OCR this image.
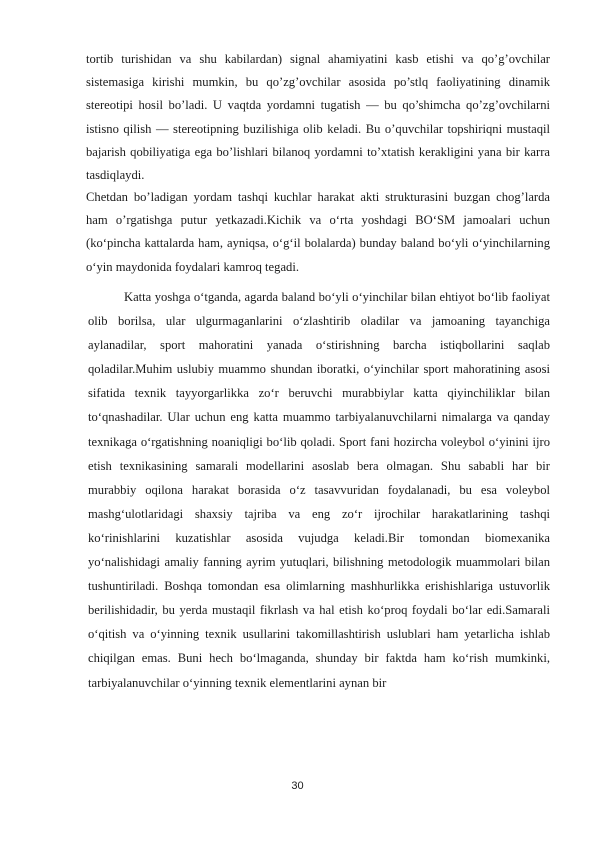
tortib turishidan va shu kabilardan) signal ahamiyatini kasb etishi va qo’g’ovchilar sistemasiga kirishi mumkin, bu qo’zg’ovchilar asosida po’stlq faoliyatining dinamik stereotipi hosil bo’ladi. U vaqtda yordamni tugatish — bu qo’shimcha qo’zg’ovchilarni istisno qilish — stereotipning buzilishiga olib keladi. Bu o’quvchilar topshiriqni mustaqil bajarish qobiliyatiga ega bo’lishlari bilanoq yordamni to’xtatish kerakligini yana bir karra tasdiqlaydi.

Chetdan bo’ladigan yordam tashqi kuchlar harakat akti strukturasini buzgan chog’larda ham o’rgatishga putur yetkazadi.Kichik va o‘rta yoshdagi BO‘SM jamoalari uchun (ko‘pincha kattalarda ham, ayniqsa, o‘g‘il bolalarda) bunday baland bo‘yli o‘yinchilarning o‘yin maydonida foydalari kamroq tegadi.

Katta yoshga o‘tganda, agarda baland bo‘yli o‘yinchilar bilan ehtiyot bo‘lib faoliyat olib borilsa, ular ulgurmaganlarini o‘zlashtirib oladilar va jamoaning tayanchiga aylanadilar, sport mahoratini yanada o‘stirishning barcha istiqbollarini saqlab qoladilar.Muhim uslubiy muammo shundan iboratki, o‘yinchilar sport mahoratining asosi sifatida texnik tayyorgarlikka zo‘r beruvchi murabbiylar katta qiyinchiliklar bilan to‘qnashadilar. Ular uchun eng katta muammo tarbiyalanuvchilarni nimalarga va qanday texnikaga o‘rgatishning noaniqligi bo‘lib qoladi. Sport fani hozircha voleybol o‘yinini ijro etish texnikasining samarali modellarini asoslab bera olmagan. Shu sababli har bir murabbiy oqilona harakat borasida o‘z tasavvuridan foydalanadi, bu esa voleybol mashg‘ulotlaridagi shaxsiy tajriba va eng zo‘r ijrochilar harakatlarining tashqi ko‘rinishlarini kuzatishlar asosida vujudga keladi.Bir tomondan biomexanika yo‘nalishidagi amaliy fanning ayrim yutuqlari, bilishning metodologik muammolari bilan tushuntiriladi. Boshqa tomondan esa olimlarning mashhurlikka erishishlariga ustuvorlik berilishidadir, bu yerda mustaqil fikrlash va hal etish ko‘proq foydali bo‘lar edi.Samarali o‘qitish va o‘yinning texnik usullarini takomillashtirish uslublari ham yetarlicha ishlab chiqilgan emas. Buni hech bo‘lmaganda, shunday bir faktda ham ko‘rish mumkinki, tarbiyalanuvchilar o‘yinning texnik elementlarini aynan bir

30
